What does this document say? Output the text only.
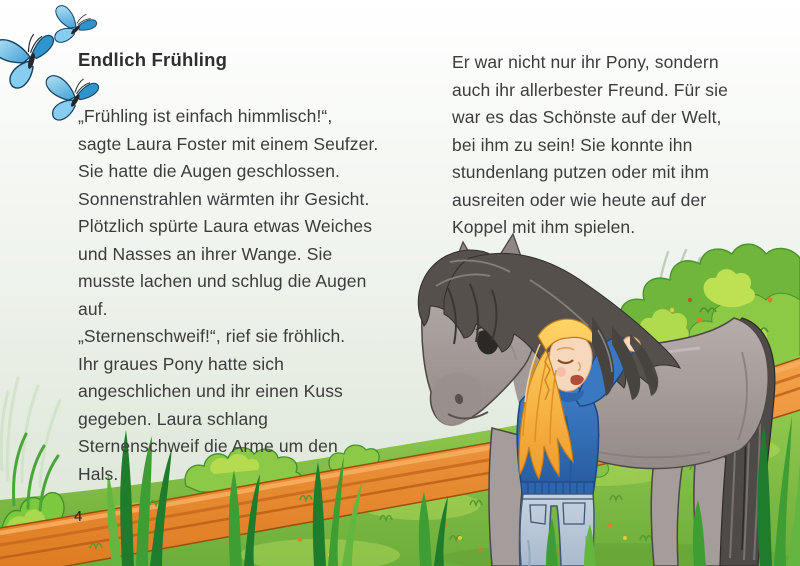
Endlich Frühling
„Frühling ist einfach himmlisch!“,
sagte Laura Foster mit einem Seufzer.
Sie hatte die Augen geschlossen.
Sonnenstrahlen wärmten ihr Gesicht.
Plötzlich spürte Laura etwas Weiches
und Nasses an ihrer Wange. Sie
musste lachen und schlug die Augen
auf.
„Sternenschweif!“, rief sie fröhlich.
Ihr graues Pony hatte sich
angeschlichen und ihr einen Kuss
gegeben. Laura schlang
Sternenschweif die Arme um den
Hals.
Er war nicht nur ihr Pony, sondern
auch ihr allerbester Freund. Für sie
war es das Schönste auf der Welt,
bei ihm zu sein! Sie konnte ihn
stundenlang putzen oder mit ihm
ausreiten oder wie heute auf der
Koppel mit ihm spielen.
4
